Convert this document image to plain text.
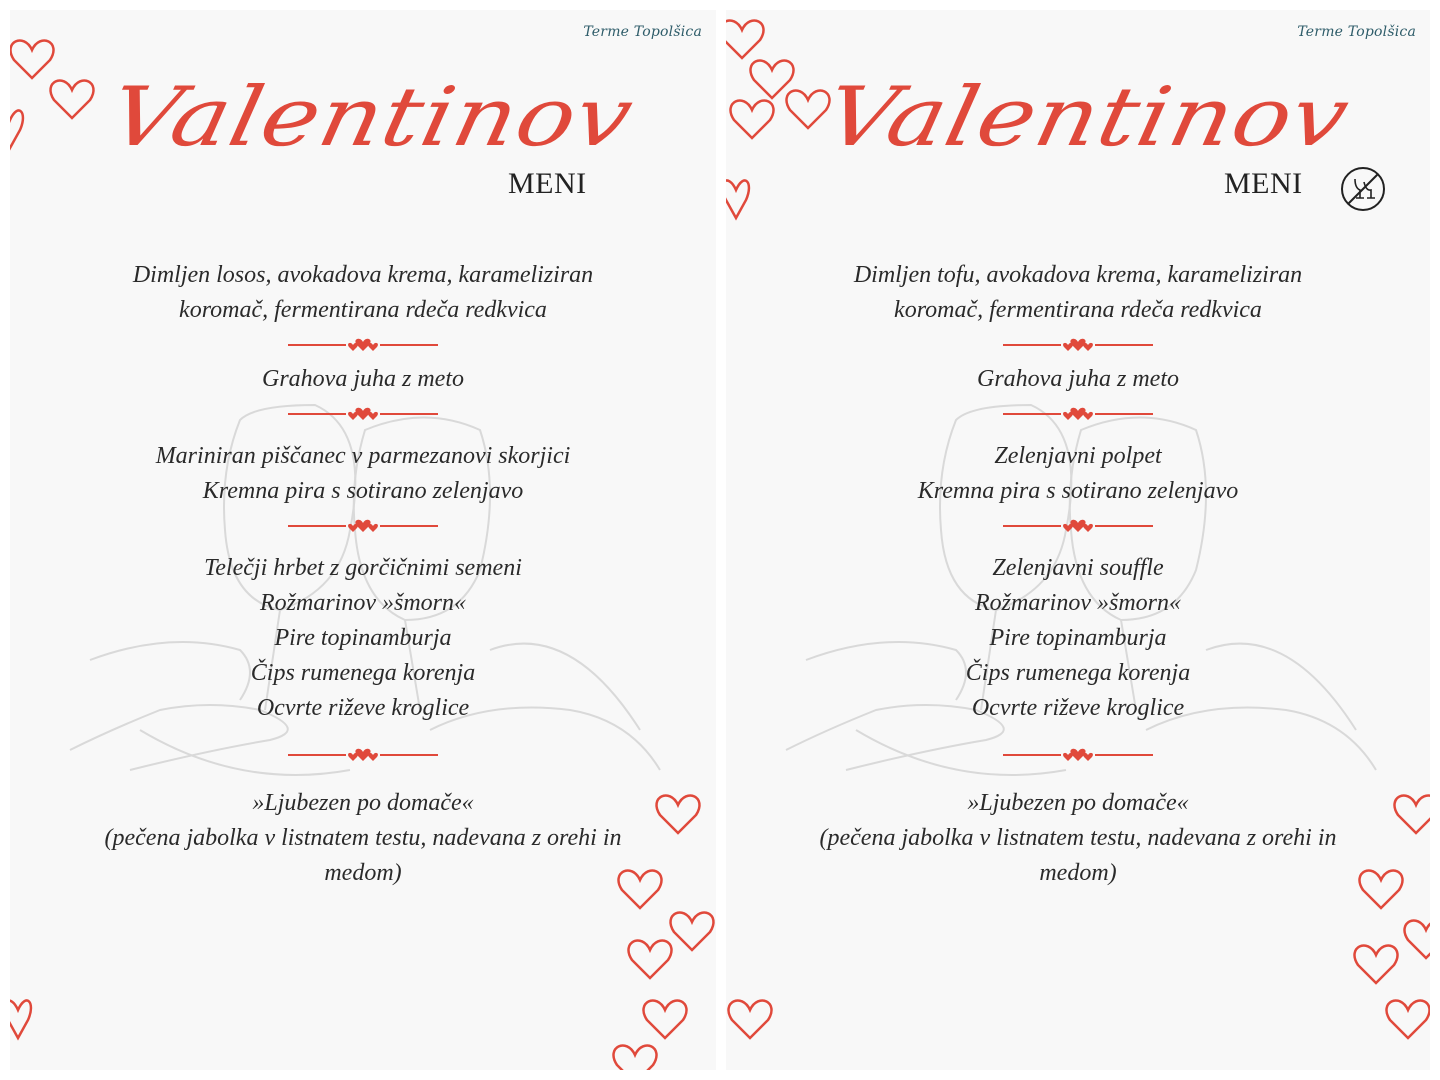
Terme Topolšica
Valentinov
MENI
Dimljen losos, avokadova krema, karameliziran
koromač, fermentirana rdeča redkvica
Grahova juha z meto
Mariniran piščanec v parmezanovi skorjici
Kremna pira s sotirano zelenjavo
Telečji hrbet z gorčičnimi semeni
Rožmarinov »šmorn«
Pire topinamburja
Čips rumenega korenja
Ocvrte riževe kroglice
»Ljubezen po domače«
(pečena jabolka v listnatem testu, nadevana z orehi in
medom)
Terme Topolšica
Valentinov
MENI
Dimljen tofu, avokadova krema, karameliziran
koromač, fermentirana rdeča redkvica
Grahova juha z meto
Zelenjavni polpet
Kremna pira s sotirano zelenjavo
Zelenjavni souffle
Rožmarinov »šmorn«
Pire topinamburja
Čips rumenega korenja
Ocvrte riževe kroglice
»Ljubezen po domače«
(pečena jabolka v listnatem testu, nadevana z orehi in
medom)
